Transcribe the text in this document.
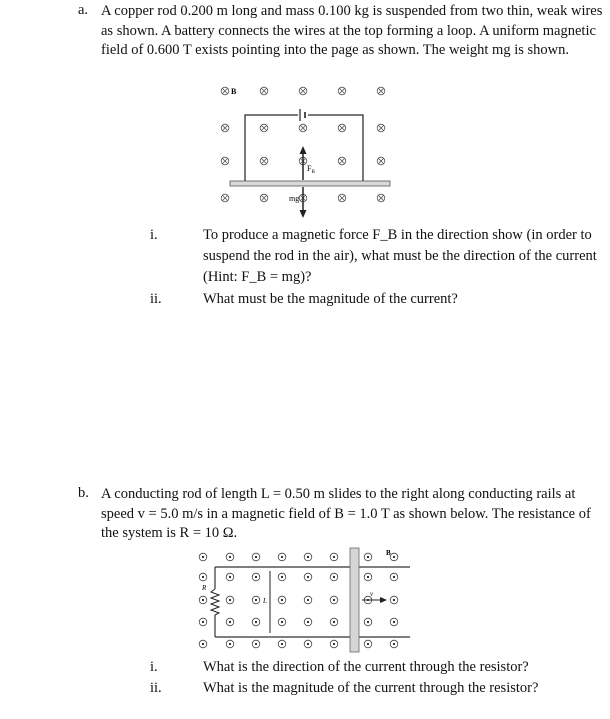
a. A copper rod 0.200 m long and mass 0.100 kg is suspended from two thin, weak wires as shown. A battery connects the wires at the top forming a loop. A uniform magnetic field of 0.600 T exists pointing into the page as shown. The weight mg is shown.
$F_B$
mg
B
i.	To produce a magnetic force F_B in the direction show (in order to suspend the rod in the air), what must be the direction of the current (Hint: F_B = mg)?
ii.	What must be the magnitude of the current?
b. A conducting rod of length L = 0.50 m slides to the right along conducting rails at speed v = 5.0 m/s in a magnetic field of B = 1.0 T as shown below. The resistance of the system is R = 10 Ω.
R
L
v
B
i.	What is the direction of the current through the resistor?
ii.	What is the magnitude of the current through the resistor?
